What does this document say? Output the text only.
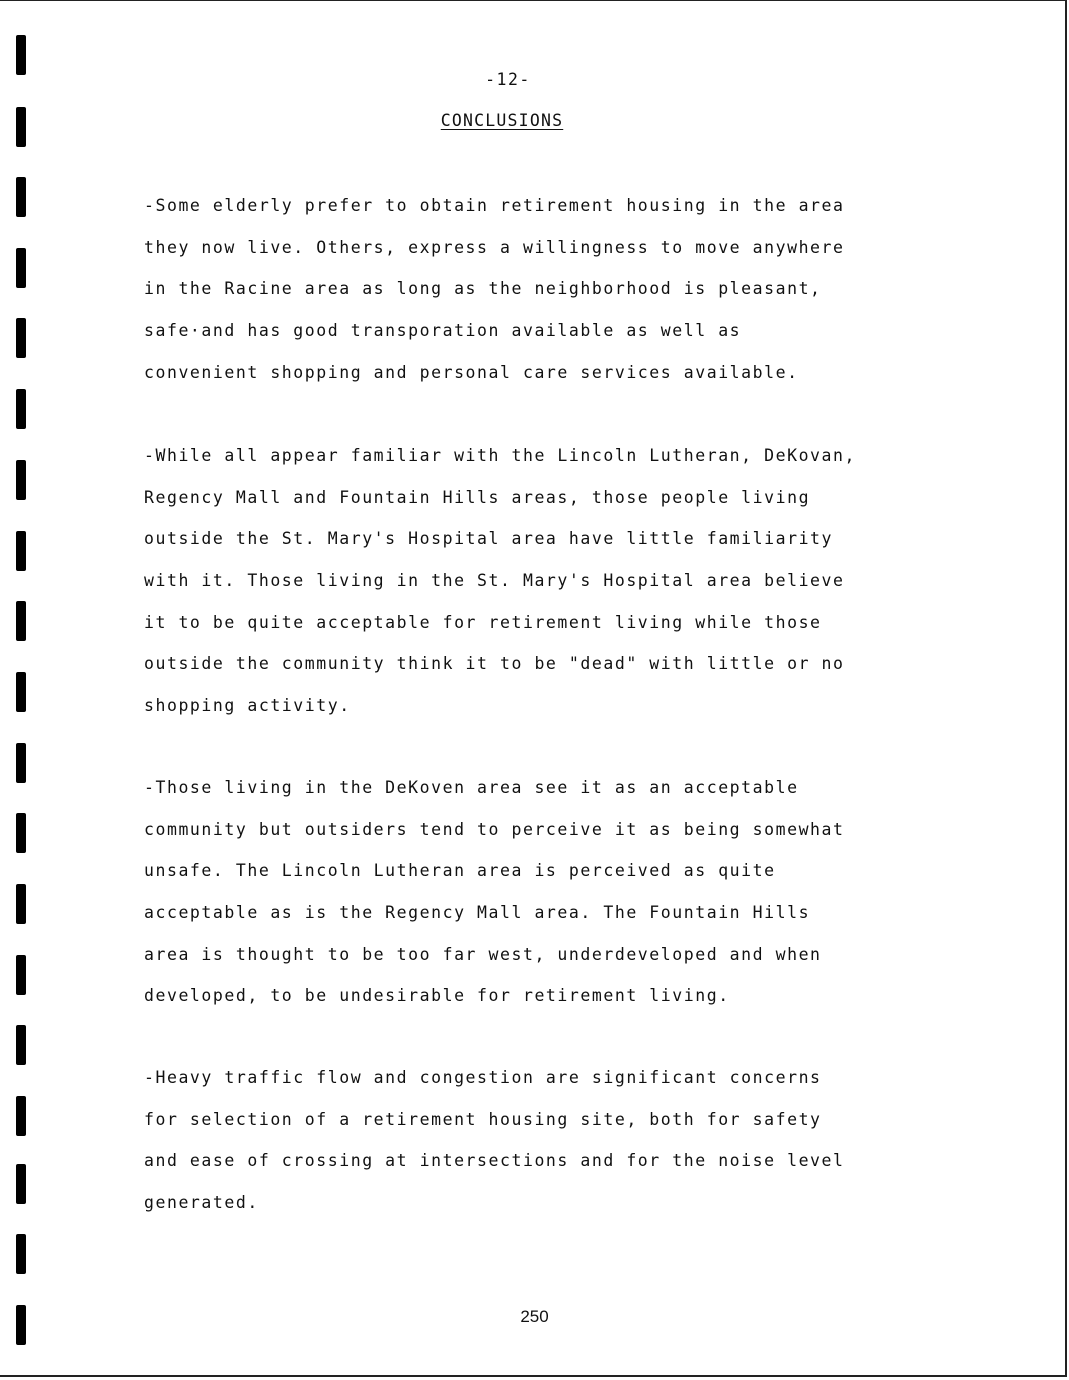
-12-
CONCLUSIONS
-Some elderly prefer to obtain retirement housing in the area
they now live. Others, express a willingness to move anywhere
in the Racine area as long as the neighborhood is pleasant,
safe·and has good transporation available as well as
convenient shopping and personal care services available.
-While all appear familiar with the Lincoln Lutheran, DeKovan,
Regency Mall and Fountain Hills areas, those people living
outside the St. Mary's Hospital area have little familiarity
with it. Those living in the St. Mary's Hospital area believe
it to be quite acceptable for retirement living while those
outside the community think it to be "dead" with little or no
shopping activity.
-Those living in the DeKoven area see it as an acceptable
community but outsiders tend to perceive it as being somewhat
unsafe. The Lincoln Lutheran area is perceived as quite
acceptable as is the Regency Mall area. The Fountain Hills
area is thought to be too far west, underdeveloped and when
developed, to be undesirable for retirement living.
-Heavy traffic flow and congestion are significant concerns
for selection of a retirement housing site, both for safety
and ease of crossing at intersections and for the noise level
generated.
250
